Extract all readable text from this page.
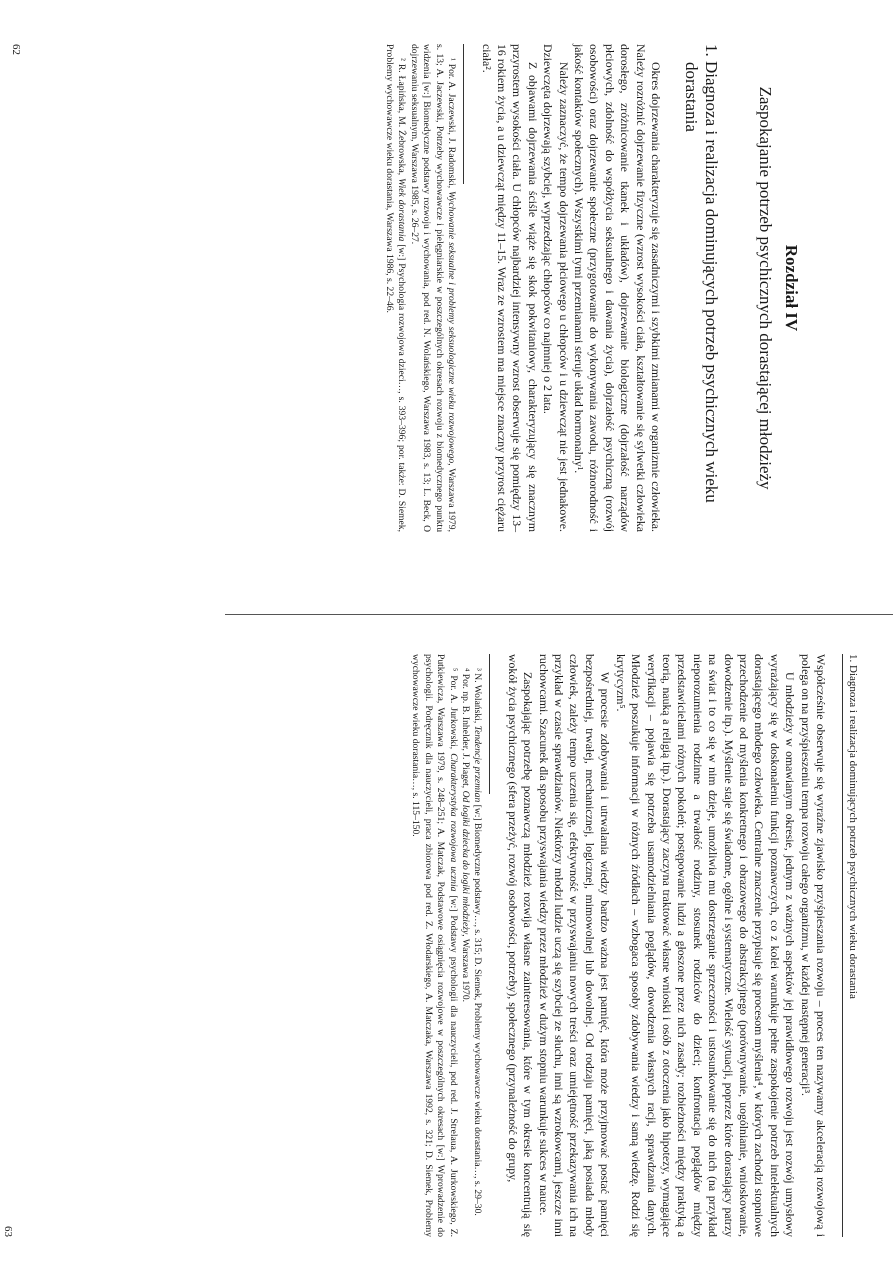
Rozdział IV
Zaspokajanie potrzeb psychicznych dorastającej młodzieży
1. Diagnoza i realizacja dominujących potrzeb psychicznych wieku dorastania

Okres dojrzewania charakteryzuje się zasadniczymi i szybkimi zmianami w organizmie człowieka. Należy rozróżnić dojrzewanie fizyczne (wzrost wysokości ciała, kształtowanie się sylwetki człowieka dorosłego, zróżnicowanie tkanek i układów), dojrzewanie biologiczne (dojrzałość narządów płciowych, zdolność do współżycia seksualnego i dawania życia), dojrzałość psychiczną (rozwój osobowości) oraz dojrzewanie społeczne (przygotowanie do wykonywania zawodu, różnorodność i jakość kontaktów społecznych). Wszystkimi tymi przemianami steruje układ hormonalny¹.

Należy zaznaczyć, że tempo dojrzewania płciowego u chłopców i u dziewcząt nie jest jednakowe. Dziewczęta dojrzewają szybciej, wyprzedzając chłopców co najmniej o 2 lata.

Z objawami dojrzewania ściśle wiąże się skok pokwitaniowy, charakteryzujący się znacznym przyrostem wysokości ciała. U chłopców najbardziej intensywny wzrost obserwuje się pomiędzy 13–16 rokiem życia, a u dziewcząt między 11–15. Wraz ze wzrostem ma miejsce znaczny przyrost ciężaru ciała².

¹ Por. A. Jaczewski, J. Radomski, Wychowanie seksualne i problemy seksuologiczne wieku rozwojowego, Warszawa 1979, s. 13; A. Jaczewski, Potrzeby wychowawcze i pielęgniarskie w poszczególnych okresach rozwoju z biomedycznego punktu widzenia [w:] Biomedyczne podstawy rozwoju i wychowania, pod red. N. Wolańskiego, Warszawa 1983, s. 13; L. Beck, O dojrzewaniu seksualnym, Warszawa 1985, s. 26–27.

² R. Łapińska, M. Żebrowska, Wiek dorastania [w:] Psychologia rozwojowa dzieci…, s. 393–396; por. także: D. Siemek, Problemy wychowawcze wieku dorastania, Warszawa 1986, s. 22–46.

62
1. Diagnoza i realizacja dominujących potrzeb psychicznych wieku dorastania

Współcześnie obserwuje się wyraźne zjawisko przyśpieszania rozwoju – proces ten nazywamy akceleracją rozwojową i polega on na przyśpieszeniu tempa rozwoju całego organizmu, w każdej następnej generacji³.

U młodzieży w omawianym okresie, jednym z ważnych aspektów jej prawidłowego rozwoju jest rozwój umysłowy wyrażający się w doskonaleniu funkcji poznawczych, co z kolei warunkuje pełne zaspokojenie potrzeb intelektualnych dorastającego młodego człowieka. Centralne znaczenie przypisuje się procesom myślenia⁴, w których zachodzi stopniowe przechodzenie od myślenia konkretnego i obrazowego do abstrakcyjnego (porównywanie, uogólnianie, wnioskowanie, dowodzenie itp.). Myślenie staje się świadome, ogólne i systematyczne. Wielość sytuacji, poprzez które dorastający patrzy na świat i to co się w nim dzieje, umożliwia mu dostrzeganie sprzeczności i ustosunkowanie się do nich (na przykład nieporozumienia rodzinne a trwałość rodziny, stosunek rodziców do dzieci; konfrontacja poglądów między przedstawicielami różnych pokoleń; postępowanie ludzi a głoszone przez nich zasady; rozbieżności między praktyką a teorią, nauką a religią itp.). Dorastający zaczyna traktować własne wnioski i osób z otoczenia jako hipotezy, wymagające weryfikacji – pojawia się potrzeba usamodzielniania poglądów, dowodzenia własnych racji, sprawdzania danych. Młodzież poszukuje informacji w różnych źródłach – wzbogaca sposoby zdobywania wiedzy i samą wiedzę. Rodzi się krytycyzm⁵.

W procesie zdobywania i utrwalania wiedzy bardzo ważna jest pamięć, która może przyjmować postać pamięci bezpośredniej, trwałej, mechanicznej, logicznej, mimowolnej lub dowolnej. Od rodzaju pamięci, jaką posiada młody człowiek, zależy tempo uczenia się, efektywność w przyswajaniu nowych treści oraz umiejętność przekazywania ich na przykład w czasie sprawdzianów. Niektórzy młodzi ludzie uczą się szybciej ze słuchu, inni są wzrokowcami, jeszcze inni ruchowcami. Szacunek dla sposobu przyswajania wiedzy przez młodzież w dużym stopniu warunkuje sukces w nauce.

Zaspokajając potrzebę poznawczą młodzież rozwija własne zainteresowania, które w tym okresie koncentrują się wokół życia psychicznego (sfera przeżyć, rozwój osobowości, potrzeby), społecznego (przynależność do grupy,

³ N. Wolański, Tendencje przemian [w:] Biomedyczne podstawy…, s. 315; D. Siemek, Problemy wychowawcze wieku dorastania…, s. 29–30.

⁴ Por. np. B. Inhelder, J. Piaget, Od logiki dziecka do logiki młodzieży, Warszawa 1970.

⁵ Por. A. Jurkowski, Charakterystyka rozwojowa ucznia [w:] Podstawy psychologii dla nauczycieli, pod red. J. Strelaua, A. Jurkowskiego, Z. Putkiewicza, Warszawa 1979, s. 248–251; A. Matczak, Podstawowe osiągnięcia rozwojowe w poszczególnych okresach [w:] Wprowadzenie do psychologii. Podręcznik dla nauczycieli, praca zbiorowa pod red. Z. Włodarskiego, A. Matczaka, Warszawa 1992, s. 321; D. Siemek, Problemy wychowawcze wieku dorastania…, s. 115–150.

63
